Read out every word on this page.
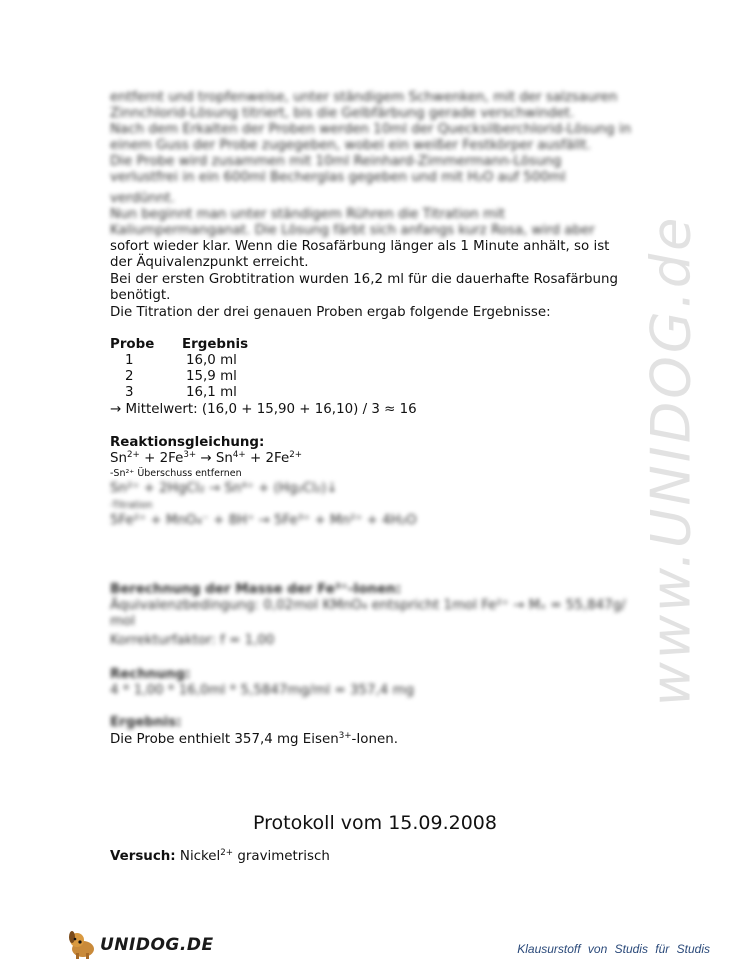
www.UNIDOG.de
entfernt und tropfenweise, unter ständigem Schwenken, mit der salzsauren
Zinnchlorid-Lösung titriert, bis die Gelbfärbung gerade verschwindet.
Nach dem Erkalten der Proben werden 10ml der Quecksilberchlorid-Lösung in
einem Guss der Probe zugegeben, wobei ein weißer Festkörper ausfällt.
Die Probe wird zusammen mit 10ml Reinhard-Zimmermann-Lösung
verlustfrei in ein 600ml Becherglas gegeben und mit H₂O auf 500ml
verdünnt.
Nun beginnt man unter ständigem Rühren die Titration mit
Kaliumpermanganat. Die Lösung färbt sich anfangs kurz Rosa, wird aber
sofort wieder klar. Wenn die Rosafärbung länger als 1 Minute anhält, so ist
der Äquivalenzpunkt erreicht.
Bei der ersten Grobtitration wurden 16,2 ml für die dauerhafte Rosafärbung
benötigt.
Die Titration der drei genauen Proben ergab folgende Ergebnisse:
Probe Ergebnis
1	16,0 ml
2	15,9 ml
3	16,1 ml
→ Mittelwert: (16,0 + 15,90 + 16,10) / 3 ≈ 16
Reaktionsgleichung:
$Sn^{2+} + 2Fe^{3+} \to Sn^{4+} + 2Fe^{2+}$
-Sn²⁺ Überschuss entfernen
Sn²⁺ + 2HgCl₂ → Sn⁴⁺ + (Hg₂Cl₂)↓
-Titration
5Fe²⁺ + MnO₄⁻ + 8H⁺ → 5Fe³⁺ + Mn²⁺ + 4H₂O
Berechnung der Masse der Fe³⁺-Ionen:
Äquivalenzbedingung: 0,02mol KMnO₄ entspricht 1mol Fe²⁺ → Mₓ = 55,847g/
mol
Korrekturfaktor: f = 1,00
Rechnung:
4 * 1,00 * 16,0ml * 5,5847mg/ml = 357,4 mg
Ergebnis:
Die Probe enthielt 357,4 mg Eisen$^{3+}$-Ionen.
Protokoll vom 15.09.2008
Versuch: Nickel$^{2+}$ gravimetrisch
UNIDOG.DE	Klausurstoff von Studis für Studis
